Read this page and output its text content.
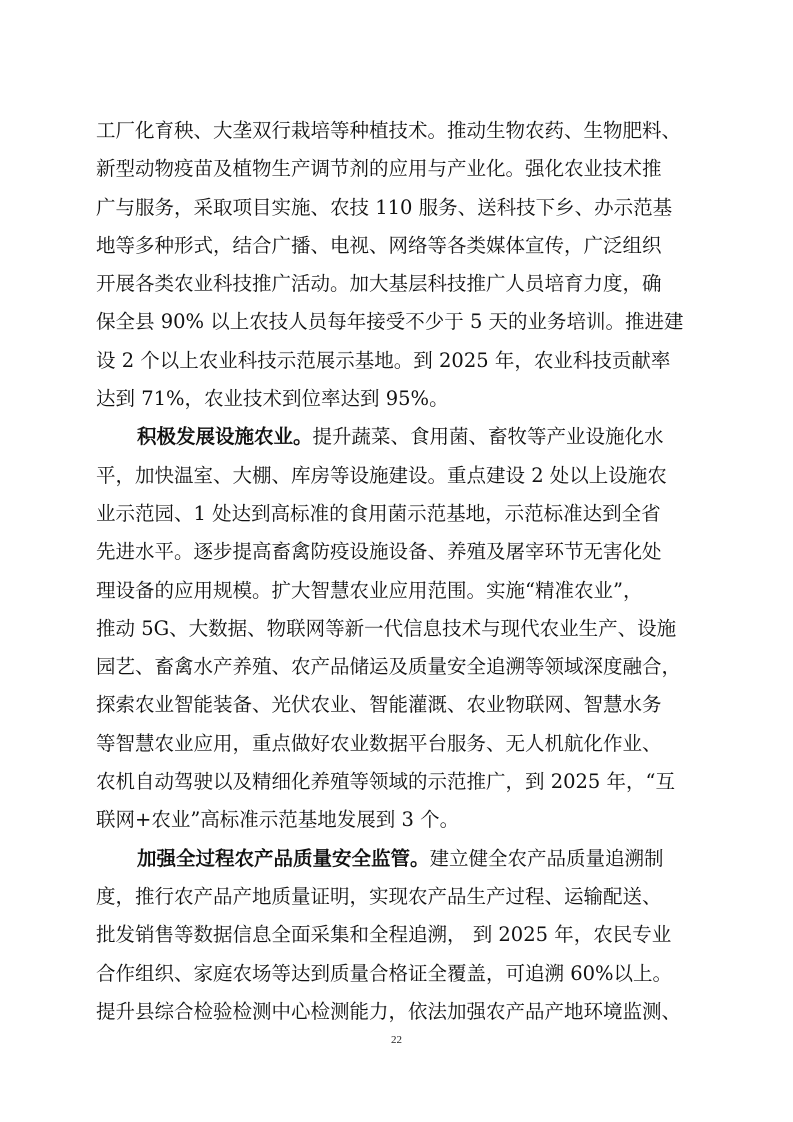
工厂化育秧、大垄双行栽培等种植技术。推动生物农药、生物肥料、
新型动物疫苗及植物生产调节剂的应用与产业化。强化农业技术推
广与服务，采取项目实施、农技 110 服务、送科技下乡、办示范基
地等多种形式，结合广播、电视、网络等各类媒体宣传，广泛组织
开展各类农业科技推广活动。加大基层科技推广人员培育力度，确
保全县 90% 以上农技人员每年接受不少于 5 天的业务培训。推进建
设 2 个以上农业科技示范展示基地。到 2025 年，农业科技贡献率
达到 71%，农业技术到位率达到 95%。
积极发展设施农业。提升蔬菜、食用菌、畜牧等产业设施化水
平，加快温室、大棚、库房等设施建设。重点建设 2 处以上设施农
业示范园、1 处达到高标准的食用菌示范基地，示范标准达到全省
先进水平。逐步提高畜禽防疫设施设备、养殖及屠宰环节无害化处
理设备的应用规模。扩大智慧农业应用范围。实施“精准农业”，
推动 5G、大数据、物联网等新一代信息技术与现代农业生产、设施
园艺、畜禽水产养殖、农产品储运及质量安全追溯等领域深度融合，
探索农业智能装备、光伏农业、智能灌溉、农业物联网、智慧水务
等智慧农业应用，重点做好农业数据平台服务、无人机航化作业、
农机自动驾驶以及精细化养殖等领域的示范推广，到 2025 年，“互
联网+农业”高标准示范基地发展到 3 个。
加强全过程农产品质量安全监管。建立健全农产品质量追溯制
度，推行农产品产地质量证明，实现农产品生产过程、运输配送、
批发销售等数据信息全面采集和全程追溯， 到 2025 年，农民专业
合作组织、家庭农场等达到质量合格证全覆盖，可追溯 60%以上。
提升县综合检验检测中心检测能力，依法加强农产品产地环境监测、
22
